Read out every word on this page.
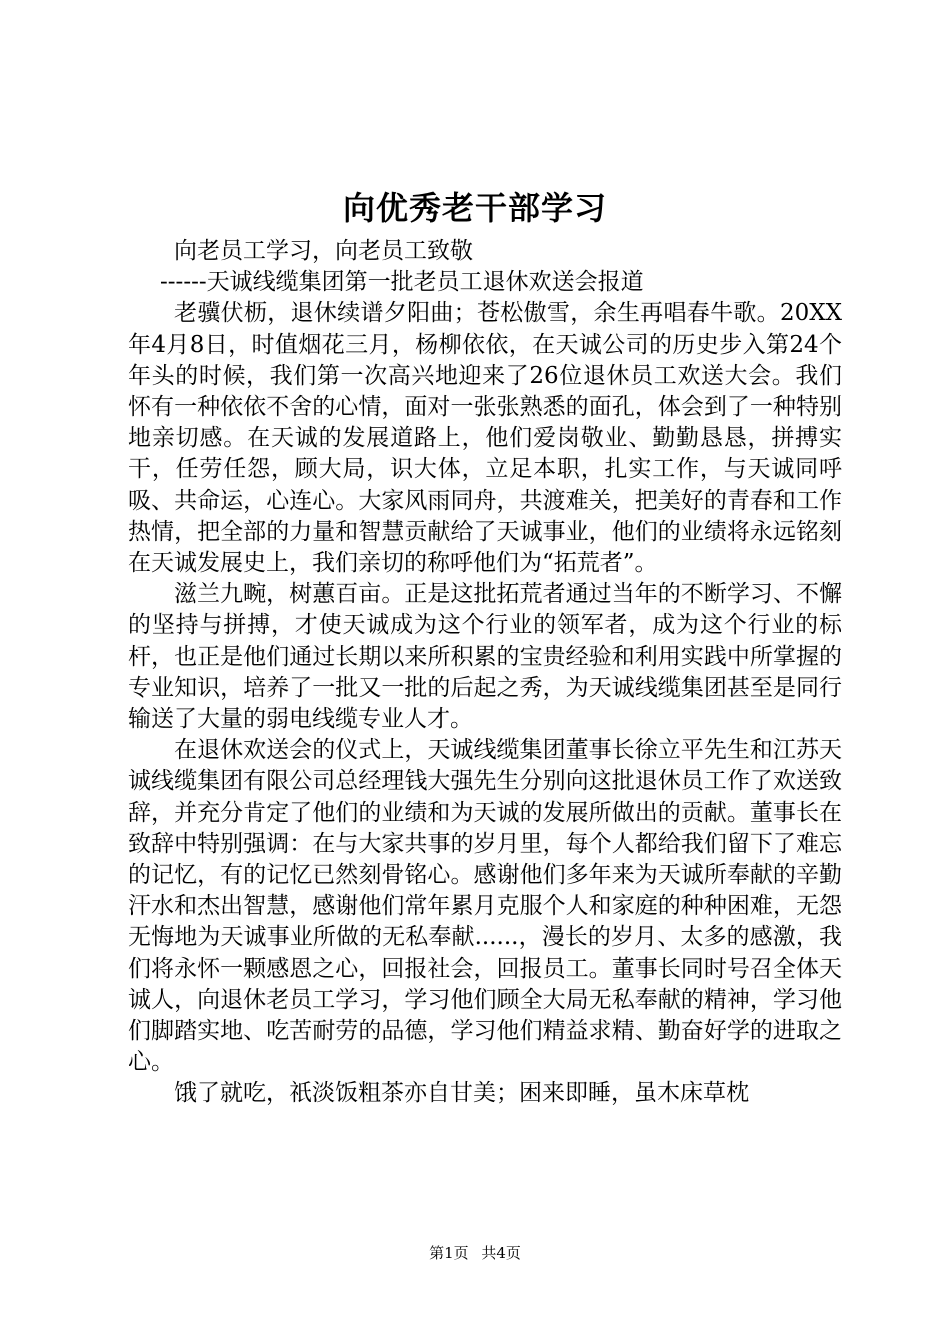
向优秀老干部学习

向老员工学习，向老员工致敬

------天诚线缆集团第一批老员工退休欢送会报道

老骥伏枥，退休续谱夕阳曲；苍松傲雪，余生再唱春牛歌。20XX年4月8日，时值烟花三月，杨柳依依，在天诚公司的历史步入第24个年头的时候，我们第一次高兴地迎来了26位退休员工欢送大会。我们怀有一种依依不舍的心情，面对一张张熟悉的面孔，体会到了一种特别地亲切感。在天诚的发展道路上，他们爱岗敬业、勤勤恳恳，拼搏实干，任劳任怨，顾大局，识大体，立足本职，扎实工作，与天诚同呼吸、共命运，心连心。大家风雨同舟，共渡难关，把美好的青春和工作热情，把全部的力量和智慧贡献给了天诚事业，他们的业绩将永远铭刻在天诚发展史上，我们亲切的称呼他们为“拓荒者”。

滋兰九畹，树蕙百亩。正是这批拓荒者通过当年的不断学习、不懈的坚持与拼搏，才使天诚成为这个行业的领军者，成为这个行业的标杆，也正是他们通过长期以来所积累的宝贵经验和利用实践中所掌握的专业知识，培养了一批又一批的后起之秀，为天诚线缆集团甚至是同行输送了大量的弱电线缆专业人才。

在退休欢送会的仪式上，天诚线缆集团董事长徐立平先生和江苏天诚线缆集团有限公司总经理钱大强先生分别向这批退休员工作了欢送致辞，并充分肯定了他们的业绩和为天诚的发展所做出的贡献。董事长在致辞中特别强调：在与大家共事的岁月里，每个人都给我们留下了难忘的记忆，有的记忆已然刻骨铭心。感谢他们多年来为天诚所奉献的辛勤汗水和杰出智慧，感谢他们常年累月克服个人和家庭的种种困难，无怨无悔地为天诚事业所做的无私奉献......，漫长的岁月、太多的感激，我们将永怀一颗感恩之心，回报社会，回报员工。董事长同时号召全体天诚人，向退休老员工学习，学习他们顾全大局无私奉献的精神，学习他们脚踏实地、吃苦耐劳的品德，学习他们精益求精、勤奋好学的进取之心。

饿了就吃，祇淡饭粗茶亦自甘美；困来即睡，虽木床草枕

第1页 共4页
